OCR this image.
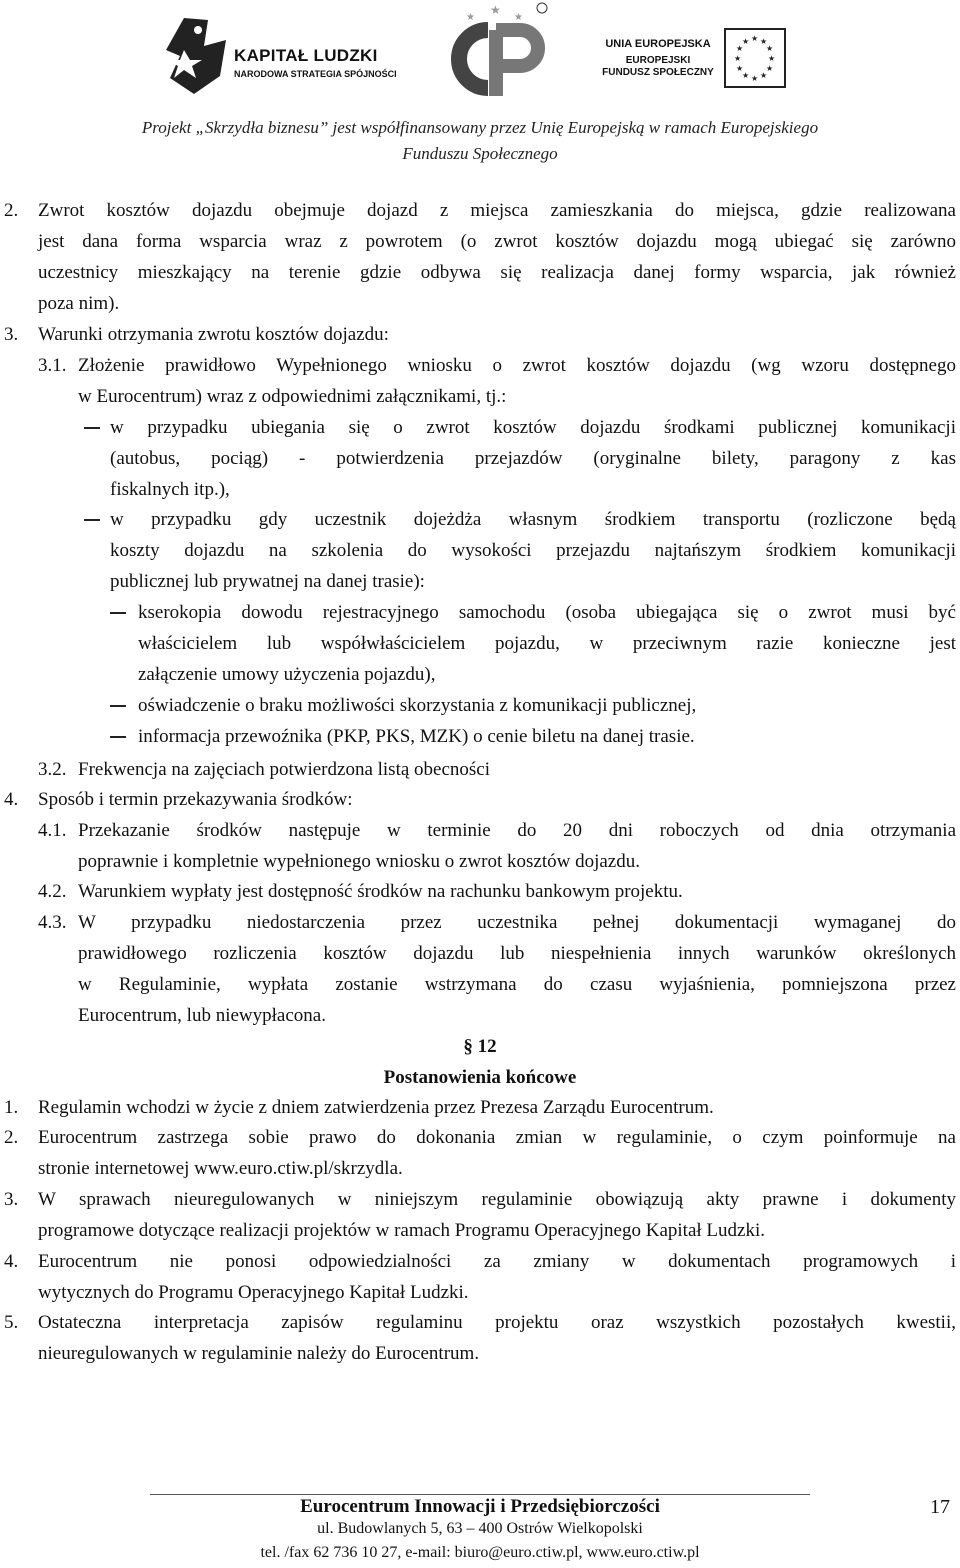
KAPITAŁ LUDZKI
NARODOWA STRATEGIA SPÓJNOŚCI
★
★	★
UNIA EUROPEJSKA
EUROPEJSKI
FUNDUSZ SPOŁECZNY
★ ★
★
★
★
★
★
★
★
★
★
★
Projekt „Skrzydła biznesu” jest współfinansowany przez Unię Europejską w ramach Europejskiego
Funduszu Społecznego
2. Zwrot kosztów dojazdu obejmuje dojazd z miejsca zamieszkania do miejsca, gdzie realizowana
jest dana forma wsparcia wraz z powrotem (o zwrot kosztów dojazdu mogą ubiegać się zarówno
uczestnicy mieszkający na terenie gdzie odbywa się realizacja danej formy wsparcia, jak również
poza nim).
3. Warunki otrzymania zwrotu kosztów dojazdu:
3.1. Złożenie prawidłowo Wypełnionego wniosku o zwrot kosztów dojazdu (wg wzoru dostępnego
w Eurocentrum) wraz z odpowiednimi załącznikami, tj.:
w przypadku ubiegania się o zwrot kosztów dojazdu środkami publicznej komunikacji
(autobus, pociąg) - potwierdzenia przejazdów (oryginalne bilety, paragony z kas
fiskalnych itp.),
w przypadku gdy uczestnik dojeżdża własnym środkiem transportu (rozliczone będą
koszty dojazdu na szkolenia do wysokości przejazdu najtańszym środkiem komunikacji
publicznej lub prywatnej na danej trasie):
kserokopia dowodu rejestracyjnego samochodu (osoba ubiegająca się o zwrot musi być
właścicielem lub współwłaścicielem pojazdu, w przeciwnym razie konieczne jest
załączenie umowy użyczenia pojazdu),
oświadczenie o braku możliwości skorzystania z komunikacji publicznej,
informacja przewoźnika (PKP, PKS, MZK) o cenie biletu na danej trasie.
3.2. Frekwencja na zajęciach potwierdzona listą obecności
4. Sposób i termin przekazywania środków:
4.1. Przekazanie środków następuje w terminie do 20 dni roboczych od dnia otrzymania
poprawnie i kompletnie wypełnionego wniosku o zwrot kosztów dojazdu.
4.2. Warunkiem wypłaty jest dostępność środków na rachunku bankowym projektu.
4.3. W przypadku niedostarczenia przez uczestnika pełnej dokumentacji wymaganej do
prawidłowego rozliczenia kosztów dojazdu lub niespełnienia innych warunków określonych
w Regulaminie, wypłata zostanie wstrzymana do czasu wyjaśnienia, pomniejszona przez
Eurocentrum, lub niewypłacona.
§ 12
Postanowienia końcowe
1. Regulamin wchodzi w życie z dniem zatwierdzenia przez Prezesa Zarządu Eurocentrum.
2. Eurocentrum zastrzega sobie prawo do dokonania zmian w regulaminie, o czym poinformuje na
stronie internetowej www.euro.ctiw.pl/skrzydla.
3. W sprawach nieuregulowanych w niniejszym regulaminie obowiązują akty prawne i dokumenty
programowe dotyczące realizacji projektów w ramach Programu Operacyjnego Kapitał Ludzki.
4. Eurocentrum nie ponosi odpowiedzialności za zmiany w dokumentach programowych i
wytycznych do Programu Operacyjnego Kapitał Ludzki.
5. Ostateczna interpretacja zapisów regulaminu projektu oraz wszystkich pozostałych kwestii,
nieuregulowanych w regulaminie należy do Eurocentrum.
Eurocentrum Innowacji i Przedsiębiorczości
ul. Budowlanych 5, 63 – 400 Ostrów Wielkopolski
tel. /fax 62 736 10 27, e-mail: biuro@euro.ctiw.pl, www.euro.ctiw.pl
17
